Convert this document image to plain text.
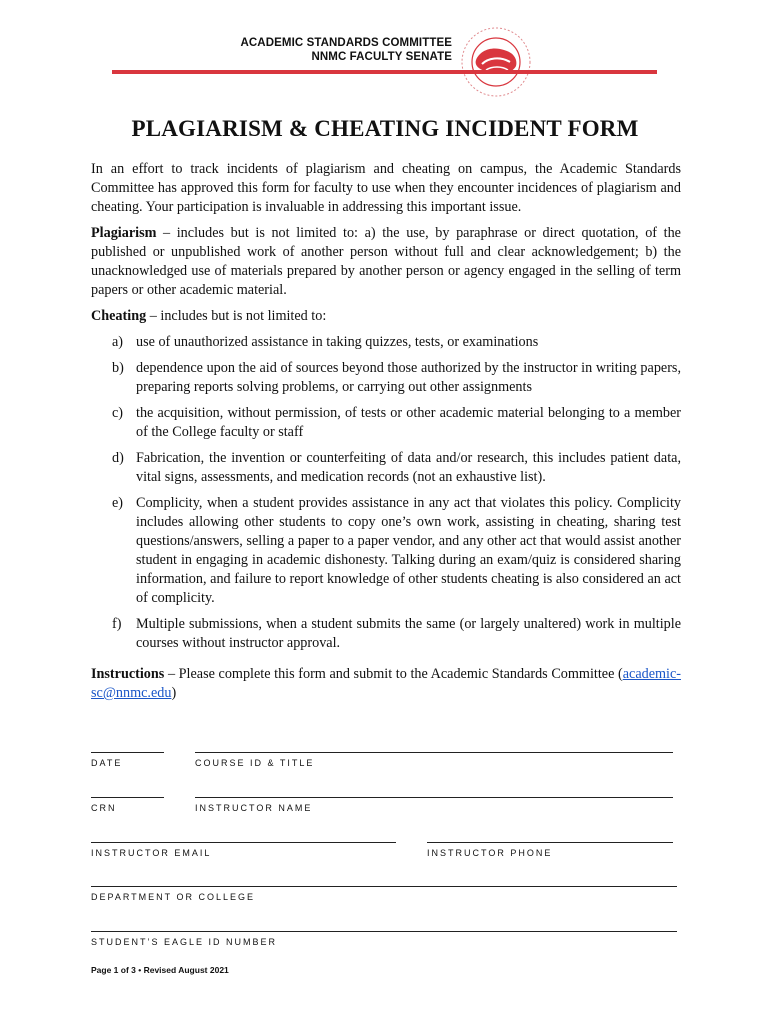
ACADEMIC STANDARDS COMMITTEE
NNMC FACULTY SENATE
PLAGIARISM & CHEATING INCIDENT FORM

In an effort to track incidents of plagiarism and cheating on campus, the Academic Standards Committee has approved this form for faculty to use when they encounter incidences of plagiarism and cheating. Your participation is invaluable in addressing this important issue.

Plagiarism – includes but is not limited to: a) the use, by paraphrase or direct quotation, of the published or unpublished work of another person without full and clear acknowledgement; b) the unacknowledged use of materials prepared by another person or agency engaged in the selling of term papers or other academic material.

Cheating – includes but is not limited to:

a) use of unauthorized assistance in taking quizzes, tests, or examinations
b) dependence upon the aid of sources beyond those authorized by the instructor in writing papers, preparing reports solving problems, or carrying out other assignments
c) the acquisition, without permission, of tests or other academic material belonging to a member of the College faculty or staff
d) Fabrication, the invention or counterfeiting of data and/or research, this includes patient data, vital signs, assessments, and medication records (not an exhaustive list).
e) Complicity, when a student provides assistance in any act that violates this policy. Complicity includes allowing other students to copy one’s own work, assisting in cheating, sharing test questions/answers, selling a paper to a paper vendor, and any other act that would assist another student in engaging in academic dishonesty. Talking during an exam/quiz is considered sharing information, and failure to report knowledge of other students cheating is also considered an act of complicity.
f) Multiple submissions, when a student submits the same (or largely unaltered) work in multiple courses without instructor approval.

Instructions – Please complete this form and submit to the Academic Standards Committee (academic-sc@nnmc.edu)

DATE	COURSE ID & TITLE
CRN	INSTRUCTOR NAME
INSTRUCTOR EMAIL	INSTRUCTOR PHONE
DEPARTMENT OR COLLEGE
STUDENT’S EAGLE ID NUMBER
Page 1 of 3 • Revised August 2021
